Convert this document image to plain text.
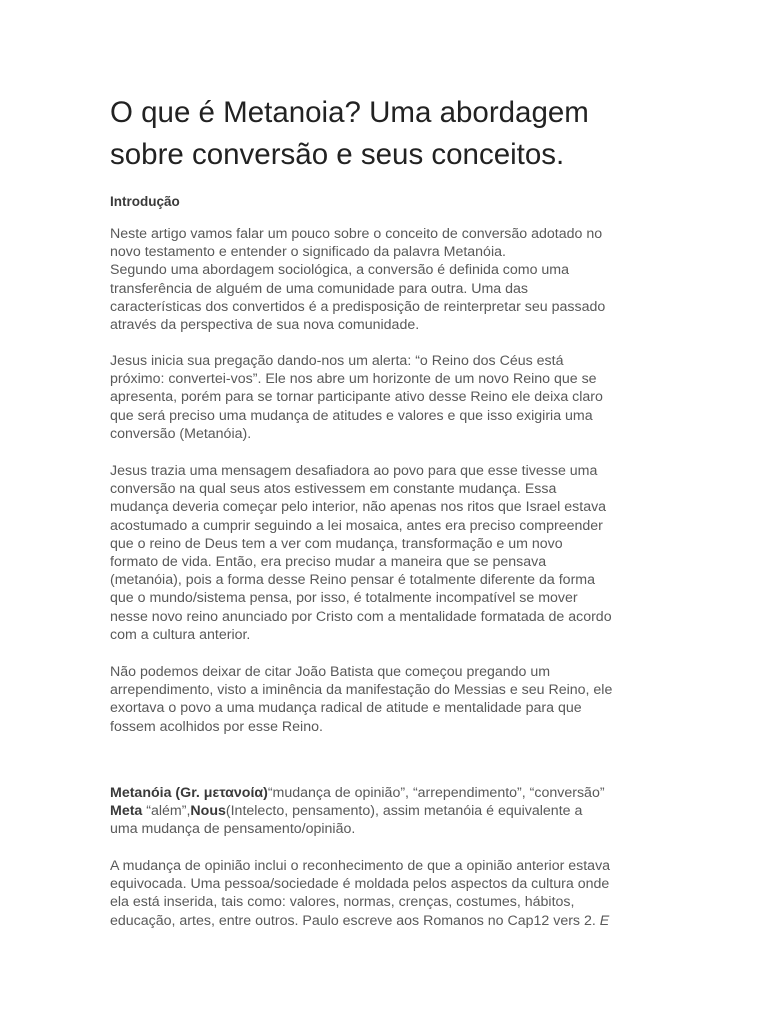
O que é Metanoia? Uma abordagem
sobre conversão e seus conceitos.
Introdução
Neste artigo vamos falar um pouco sobre o conceito de conversão adotado no
novo testamento e entender o significado da palavra Metanóia.
Segundo uma abordagem sociológica, a conversão é definida como uma
transferência de alguém de uma comunidade para outra. Uma das
características dos convertidos é a predisposição de reinterpretar seu passado
através da perspectiva de sua nova comunidade.
Jesus inicia sua pregação dando-nos um alerta: “o Reino dos Céus está
próximo: convertei-vos”. Ele nos abre um horizonte de um novo Reino que se
apresenta, porém para se tornar participante ativo desse Reino ele deixa claro
que será preciso uma mudança de atitudes e valores e que isso exigiria uma
conversão (Metanóia).
Jesus trazia uma mensagem desafiadora ao povo para que esse tivesse uma
conversão na qual seus atos estivessem em constante mudança. Essa
mudança deveria começar pelo interior, não apenas nos ritos que Israel estava
acostumado a cumprir seguindo a lei mosaica, antes era preciso compreender
que o reino de Deus tem a ver com mudança, transformação e um novo
formato de vida. Então, era preciso mudar a maneira que se pensava
(metanóia), pois a forma desse Reino pensar é totalmente diferente da forma
que o mundo/sistema pensa, por isso, é totalmente incompatível se mover
nesse novo reino anunciado por Cristo com a mentalidade formatada de acordo
com a cultura anterior.
Não podemos deixar de citar João Batista que começou pregando um
arrependimento, visto a iminência da manifestação do Messias e seu Reino, ele
exortava o povo a uma mudança radical de atitude e mentalidade para que
fossem acolhidos por esse Reino.
Metanóia (Gr. μετανοία)“mudança de opinião”, “arrependimento”, “conversão”
Meta “além”,Nous(Intelecto, pensamento), assim metanóia é equivalente a
uma mudança de pensamento/opinião.
A mudança de opinião inclui o reconhecimento de que a opinião anterior estava
equivocada. Uma pessoa/sociedade é moldada pelos aspectos da cultura onde
ela está inserida, tais como: valores, normas, crenças, costumes, hábitos,
educação, artes, entre outros. Paulo escreve aos Romanos no Cap12 vers 2. E
